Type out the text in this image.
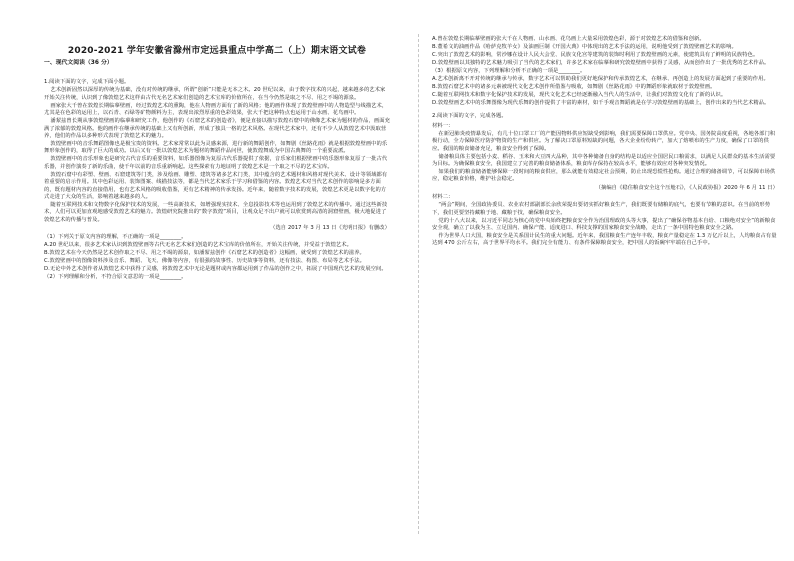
2020-2021 学年安徽省滁州市定远县重点中学高二（上）期末语文试卷
一、现代文阅读（36 分）

1.阅读下面的文字，完成下面小题。

艺术创新固然以深厚的传统为基础，没有对传统的继承，所谓“创新”只能是无本之木。20 世纪以来，由于数字技术的兴起，越来越多的艺术家开始关注传统，认识到了像敦煌艺术这样由古代无名艺术家们创造的艺术宝库的价值所在，在当今仍然是取之不尽、用之不竭的源泉。

画家张大千曾在敦煌长期临摹壁画，经过敦煌艺术的熏陶，他在人物画方面有了新的风格；他的画作体现了敦煌壁画中的人物造型与线描艺术，尤其是在色彩的运用上，以石青、石绿等矿物颜料为主，表现出浓烈厚重的色彩效果，张大千把这种特点也运用于山水画、花鸟画中。

潘絜兹曾长期从事敦煌壁画的临摹和研究工作，他创作的《石窟艺术的创造者》，便是直接以描写敦煌石窟中的佛像艺术家为题材的作品，画面充满了浓郁的敦煌风格。他的画作在继承传统的基础上又有所创新，形成了独具一格的艺术风格。在现代艺术家中，还有不少人从敦煌艺术中汲取营养，他们的作品以多种形式表现了敦煌艺术的魅力。

敦煌壁画中的音乐舞蹈图像也是极宝贵的资料。艺术家常常以此为灵感来源，进行新的舞蹈创作，如舞剧《丝路花雨》就是根据敦煌壁画中的乐舞形象创作的，取得了巨大的成功。以后又有一批以敦煌艺术为题材的舞蹈作品问世，使敦煌舞成为中国古典舞的一个重要流派。

敦煌壁画中的音乐形象也是研究古代音乐的重要资料，如乐器图像为复原古代乐器提供了依据，音乐家们根据壁画中的乐器形象复原了一批古代乐器，并创作演奏了新的乐曲，使千年以前的音乐重新响起。这些探索有力地证明了敦煌艺术是一个取之不尽的艺术宝库。

敦煌石窟中有彩塑、壁画、石窟建筑等门类，涉及绘画、雕塑、建筑等诸多艺术门类，其中蕴含的艺术题材和风格对现代美术、设计等领域都有着重要的启示作用。其中色彩运用、装饰图案、线描技法等，都是当代艺术家乐于学习和借鉴的内容。敦煌艺术对当代艺术创作的影响是多方面的，既有题材内容的直接借用，也有艺术风格的吸收借鉴，更有艺术精神的传承发扬。近年来，随着数字技术的发展，敦煌艺术更是以数字化的方式走进了大众的生活，影响着越来越多的人。

随着互联网技术和文物数字化保护技术的发展，一些高新技术，如增强现实技术、全息投影技术等也运用到了敦煌艺术的传播中。通过这些新技术，人们可以更加直观地感受敦煌艺术的魅力。敦煌研究院推出的“数字敦煌”项目，让观众足不出户就可以欣赏到高清的洞窟壁画，极大地促进了敦煌艺术的传播与普及。

（选自 2017 年 3 月 13 日《光明日报》有删改）

（1）下列关于原文内容的理解，不正确的一项是________。

A.20 世纪以来，很多艺术家认识到敦煌壁画等古代无名艺术家们创造的艺术宝库的价值所在，开始关注传统，并受益于敦煌艺术。

B.敦煌艺术在今天仍然是艺术创作取之不尽、用之不竭的源泉，如潘絜兹创作《石窟艺术的创造者》这幅画，就受到了敦煌艺术的滋养。

C.敦煌壁画中的图像资料涉及音乐、舞蹈、飞天、佛像等内容，有很强的故事性、历史故事等资料，还有技法、构图、布局等艺术手法。

D.无论中外艺术创作者从敦煌艺术中获得了灵感，将敦煌艺术中无论是题材或内容都运用到了作品的创作之中，拓展了中国现代艺术的发展空间。

（2）下列理解和分析，不符合原文意思的一项是________。

A.曾在敦煌长期临摹壁画的张大千在人物画、山水画、花鸟画上大量采用敦煌色彩，源于对敦煌艺术的借鉴和创新。

B.董希文的油画作品《哈萨克牧羊女》及油画巨制《开国大典》中体现出的艺术手法的运用，说明他受到了敦煌壁画艺术的影响。

C.突出了敦煌艺术的影响，常沙娜在设计人民大会堂、民族文化宫等建筑的装饰时利用了敦煌壁画的元素，使建筑具有了鲜明的民族特色。

D.敦煌壁画以其独特的艺术魅力吸引了当代的艺术家们，许多艺术家在临摹和研究敦煌壁画中获得了灵感，从而创作出了一批优秀的艺术作品。

（3）根据原文内容，下列理解和分析不正确的一项是________。

A.艺术创新离不开对传统的继承与传承，数字艺术可以帮助我们更好地保护和传承敦煌艺术，在继承、再创造上的发展方面起到了重要的作用。

B.敦煌石窟艺术中的诸多元素被现代文化艺术创作所借鉴与吸收，如舞剧《丝路花雨》中的舞蹈形象就取材于敦煌壁画。

C.随着互联网技术和数字化保护技术的发展，现代文化艺术已经逐渐融入当代人的生活中，让我们对敦煌文化有了新的认识。

D.敦煌壁画艺术中的乐舞图像为现代乐舞的创作提供了丰富的素材，如千手观音舞蹈就是在学习敦煌壁画的基础上，创作出来的当代艺术精品。

2.阅读下面的文字，完成各题。

材料一：

在新冠肺炎疫情暴发后，有几十位口罩工厂的产能因物料供应短缺受到影响，我们需要保障口罩供应。党中央、国务院高度重视，各地各部门积极行动，全力保障医疗防护物资的生产和供应。为了解决口罩原料短缺的问题，各大企业纷纷转产，加大了熔喷布的生产力度，确保了口罩的供应。我国的粮食储备充足，粮食安全得到了保障。

储备粮具体主要包括小麦、稻谷、玉米和大豆四大品种，其中各种储备自身的结构是以适应全国居民口粮需求，以满足人民群众的基本生活需要为目标。为确保粮食安全，我国建立了完善的粮食储备体系，粮食库存保持在较高水平，能够有效应对各种突发情况。

如果我们的粮食储备能够保障一段时间的粮食供应，那么就能有效稳定社会预期，防止出现恐慌性抢购。通过合理的储备调节，可以保障市场供应，稳定粮食价格，维护社会稳定。

（摘编自《稳住粮食安全这个压舱石》，《人民政协报》2020 年 6 月 11 日）

材料二：

“两会”期间，全国政协委员、农业农村部副部长余欣荣提出要切实抓好粮食生产，我们既要有储粮的底气，也要有节粮的意识。在当前的形势下，我们更要坚持藏粮于地、藏粮于技，确保粮食安全。

党的十八大以来，以习近平同志为核心的党中央始终把粮食安全作为治国理政的头等大事，提出了“确保谷物基本自给、口粮绝对安全”的新粮食安全观，确立了以我为主、立足国内、确保产能、适度进口、科技支撑的国家粮食安全战略，走出了一条中国特色粮食安全之路。

作为世界人口大国，粮食安全是关系国计民生的重大问题。近年来，我国粮食生产连年丰收，粮食产量稳定在 1.3 万亿斤以上，人均粮食占有量达到 470 公斤左右，高于世界平均水平。我们完全有能力、有条件保障粮食安全，把中国人的饭碗牢牢端在自己手中。
